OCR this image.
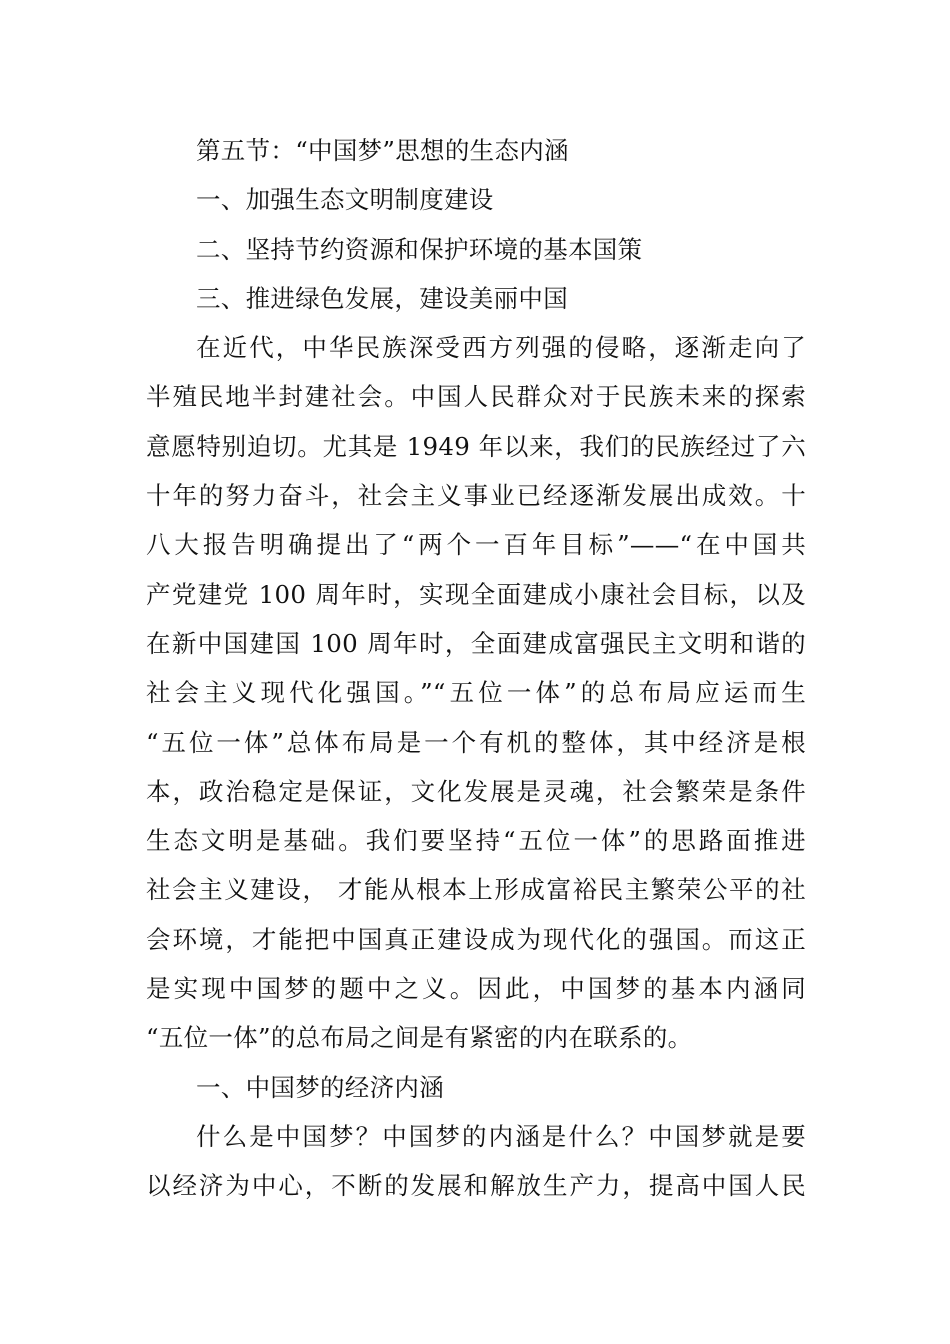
第五节：“中国梦”思想的生态内涵
一、加强生态文明制度建设
二、坚持节约资源和保护环境的基本国策
三、推进绿色发展，建设美丽中国
在近代，中华民族深受西方列强的侵略，逐渐走向了
半殖民地半封建社会。中国人民群众对于民族未来的探索
意愿特别迫切。尤其是 1949 年以来，我们的民族经过了六
十年的努力奋斗，社会主义事业已经逐渐发展出成效。十
八大报告明确提出了“两个一百年目标”——“在中国共
产党建党 100 周年时，实现全面建成小康社会目标，以及
在新中国建国 100 周年时，全面建成富强民主文明和谐的
社会主义现代化强国。”“五位一体”的总布局应运而生
“五位一体”总体布局是一个有机的整体，其中经济是根
本，政治稳定是保证，文化发展是灵魂，社会繁荣是条件
生态文明是基础。我们要坚持“五位一体”的思路面推进
社会主义建设， 才能从根本上形成富裕民主繁荣公平的社
会环境，才能把中国真正建设成为现代化的强国。而这正
是实现中国梦的题中之义。因此，中国梦的基本内涵同
“五位一体”的总布局之间是有紧密的内在联系的。
一、中国梦的经济内涵
什么是中国梦？中国梦的内涵是什么？中国梦就是要
以经济为中心，不断的发展和解放生产力，提高中国人民
